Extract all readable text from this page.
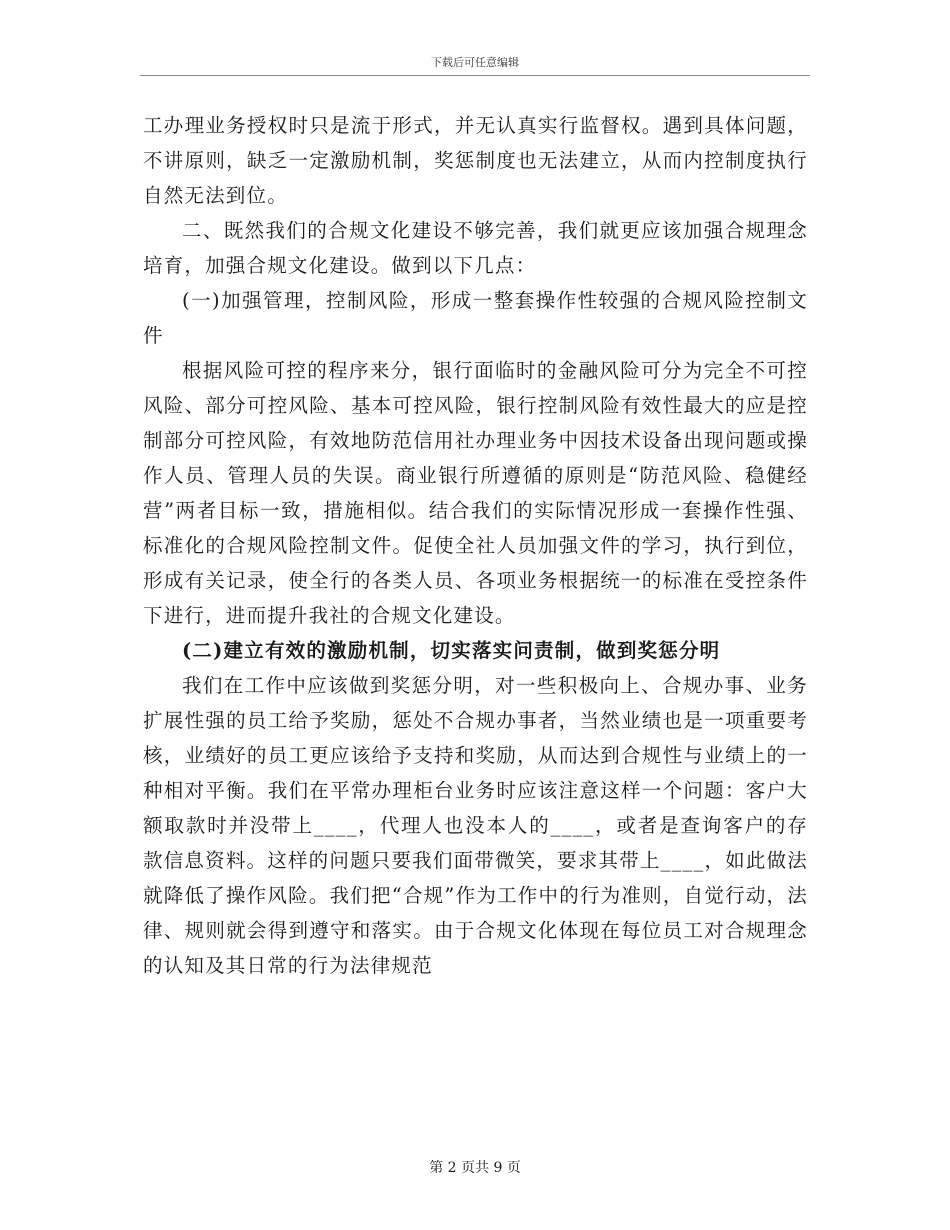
下载后可任意编辑

工办理业务授权时只是流于形式，并无认真实行监督权。遇到具体问题，不讲原则，缺乏一定激励机制，奖惩制度也无法建立，从而内控制度执行自然无法到位。

二、既然我们的合规文化建设不够完善，我们就更应该加强合规理念培育，加强合规文化建设。做到以下几点：

(一)加强管理，控制风险，形成一整套操作性较强的合规风险控制文件

根据风险可控的程序来分，银行面临时的金融风险可分为完全不可控风险、部分可控风险、基本可控风险，银行控制风险有效性最大的应是控制部分可控风险，有效地防范信用社办理业务中因技术设备出现问题或操作人员、管理人员的失误。商业银行所遵循的原则是“防范风险、稳健经营”两者目标一致，措施相似。结合我们的实际情况形成一套操作性强、标准化的合规风险控制文件。促使全社人员加强文件的学习，执行到位，形成有关记录，使全行的各类人员、各项业务根据统一的标准在受控条件下进行，进而提升我社的合规文化建设。

(二)建立有效的激励机制，切实落实问责制，做到奖惩分明

我们在工作中应该做到奖惩分明，对一些积极向上、合规办事、业务扩展性强的员工给予奖励，惩处不合规办事者，当然业绩也是一项重要考核，业绩好的员工更应该给予支持和奖励，从而达到合规性与业绩上的一种相对平衡。我们在平常办理柜台业务时应该注意这样一个问题：客户大额取款时并没带上____，代理人也没本人的____，或者是查询客户的存款信息资料。这样的问题只要我们面带微笑，要求其带上____，如此做法就降低了操作风险。我们把“合规”作为工作中的行为准则，自觉行动，法律、规则就会得到遵守和落实。由于合规文化体现在每位员工对合规理念的认知及其日常的行为法律规范

第 2 页共 9 页
